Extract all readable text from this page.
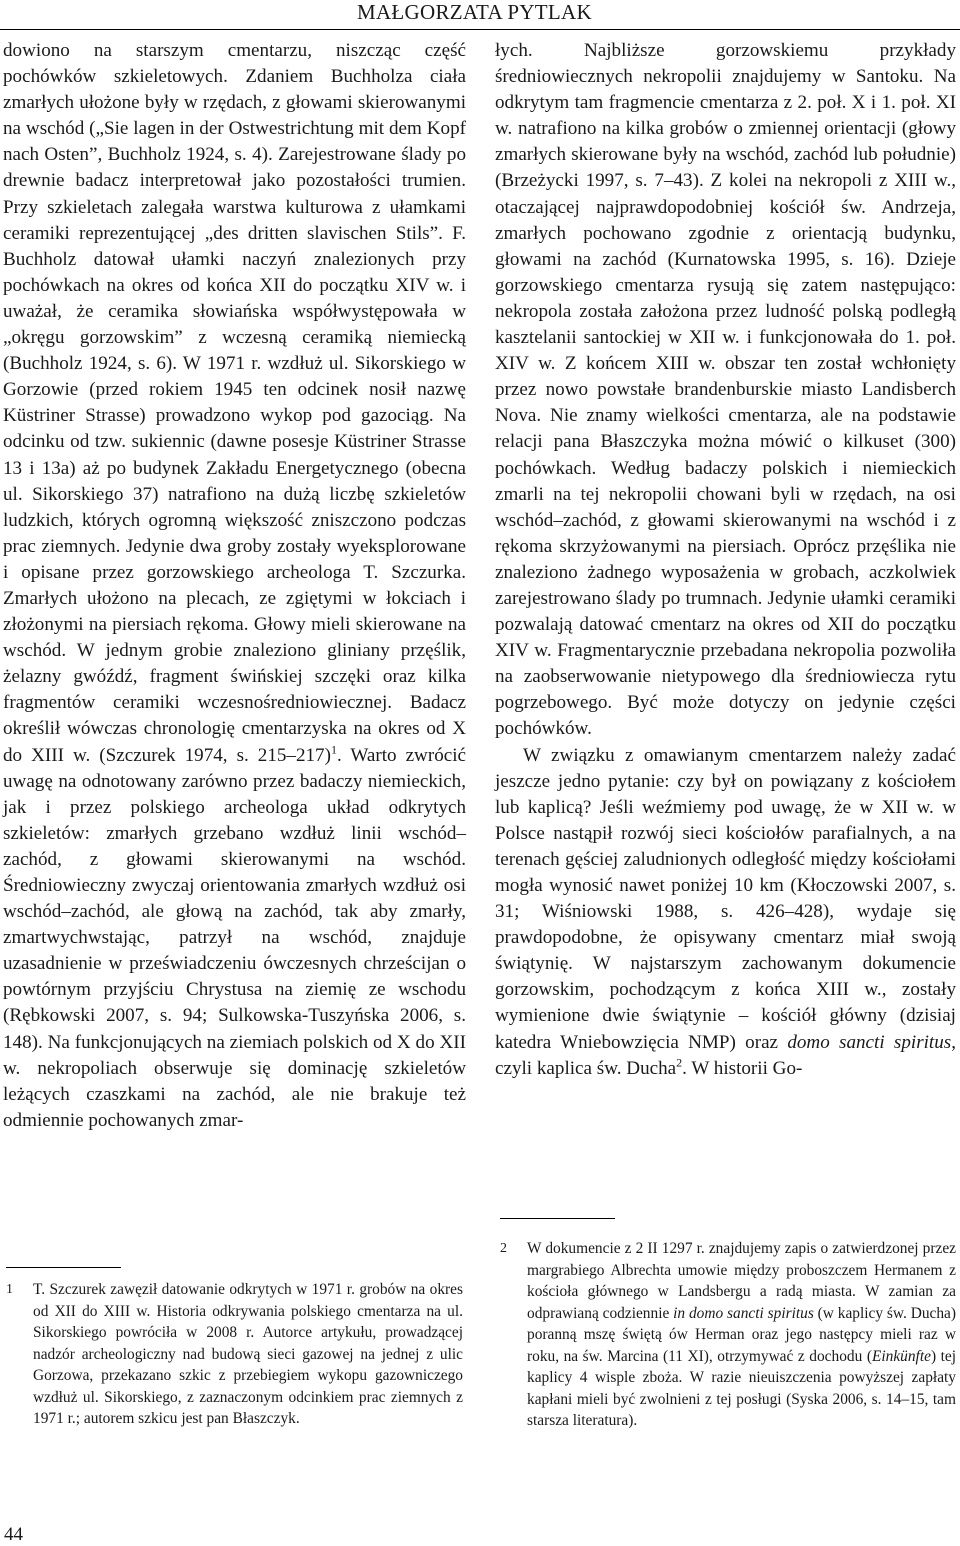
MAŁGORZATA PYTLAK

dowiono na starszym cmentarzu, niszcząc część pochówków szkieletowych. Zdaniem Buchholza ciała zmarłych ułożone były w rzędach, z głowami skierowanymi na wschód („Sie lagen in der Ostwestrichtung mit dem Kopf nach Osten”, Buchholz 1924, s. 4). Zarejestrowane ślady po drewnie badacz interpretował jako pozostałości trumien. Przy szkieletach zalegała warstwa kulturowa z ułamkami ceramiki reprezentującej „des dritten slavischen Stils”. F. Buchholz datował ułamki naczyń znalezionych przy pochówkach na okres od końca XII do początku XIV w. i uważał, że ceramika słowiańska współwystępowała w „okręgu gorzowskim” z wczesną ceramiką niemiecką (Buchholz 1924, s. 6). W 1971 r. wzdłuż ul. Sikorskiego w Gorzowie (przed rokiem 1945 ten odcinek nosił nazwę Küstriner Strasse) prowadzono wykop pod gazociąg. Na odcinku od tzw. sukiennic (dawne posesje Küstriner Strasse 13 i 13a) aż po budynek Zakładu Energetycznego (obecna ul. Sikorskiego 37) natrafiono na dużą liczbę szkieletów ludzkich, których ogromną większość zniszczono podczas prac ziemnych. Jedynie dwa groby zostały wyeksplorowane i opisane przez gorzowskiego archeologa T. Szczurka. Zmarłych ułożono na plecach, ze zgiętymi w łokciach i złożonymi na piersiach rękoma. Głowy mieli skierowane na wschód. W jednym grobie znaleziono gliniany przęślik, żelazny gwóźdź, fragment świńskiej szczęki oraz kilka fragmentów ceramiki wczesnośredniowiecznej. Badacz określił wówczas chronologię cmentarzyska na okres od X do XIII w. (Szczurek 1974, s. 215–217)$^1$. Warto zwrócić uwagę na odnotowany zarówno przez badaczy niemieckich, jak i przez polskiego archeologa układ odkrytych szkieletów: zmarłych grzebano wzdłuż linii wschód–zachód, z głowami skierowanymi na wschód. Średniowieczny zwyczaj orientowania zmarłych wzdłuż osi wschód–zachód, ale głową na zachód, tak aby zmarły, zmartwychwstając, patrzył na wschód, znajduje uzasadnienie w przeświadczeniu ówczesnych chrześcijan o powtórnym przyjściu Chrystusa na ziemię ze wschodu (Rębkowski 2007, s. 94; Sulkowska-Tuszyńska 2006, s. 148). Na funkcjonujących na ziemiach polskich od X do XII w. nekropoliach obserwuje się dominację szkieletów leżących czaszkami na zachód, ale nie brakuje też odmiennie pochowanych zmar-

łych. Najbliższe gorzowskiemu przykłady średniowiecznych nekropolii znajdujemy w Santoku. Na odkrytym tam fragmencie cmentarza z 2. poł. X i 1. poł. XI w. natrafiono na kilka grobów o zmiennej orientacji (głowy zmarłych skierowane były na wschód, zachód lub południe) (Brzeżycki 1997, s. 7–43). Z kolei na nekropoli z XIII w., otaczającej najprawdopodobniej kościół św. Andrzeja, zmarłych pochowano zgodnie z orientacją budynku, głowami na zachód (Kurnatowska 1995, s. 16). Dzieje gorzowskiego cmentarza rysują się zatem następująco: nekropola została założona przez ludność polską podległą kasztelanii santockiej w XII w. i funkcjonowała do 1. poł. XIV w. Z końcem XIII w. obszar ten został wchłonięty przez nowo powstałe brandenburskie miasto Landisberch Nova. Nie znamy wielkości cmentarza, ale na podstawie relacji pana Błaszczyka można mówić o kilkuset (300) pochówkach. Według badaczy polskich i niemieckich zmarli na tej nekropolii chowani byli w rzędach, na osi wschód–zachód, z głowami skierowanymi na wschód i z rękoma skrzyżowanymi na piersiach. Oprócz przęślika nie znaleziono żadnego wyposażenia w grobach, aczkolwiek zarejestrowano ślady po trumnach. Jedynie ułamki ceramiki pozwalają datować cmentarz na okres od XII do początku XIV w. Fragmentarycznie przebadana nekropolia pozwoliła na zaobserwowanie nietypowego dla średniowiecza rytu pogrzebowego. Być może dotyczy on jedynie części pochówków.

W związku z omawianym cmentarzem należy zadać jeszcze jedno pytanie: czy był on powiązany z kościołem lub kaplicą? Jeśli weźmiemy pod uwagę, że w XII w. w Polsce nastąpił rozwój sieci kościołów parafialnych, a na terenach gęściej zaludnionych odległość między kościołami mogła wynosić nawet poniżej 10 km (Kłoczowski 2007, s. 31; Wiśniowski 1988, s. 426–428), wydaje się prawdopodobne, że opisywany cmentarz miał swoją świątynię. W najstarszym zachowanym dokumencie gorzowskim, pochodzącym z końca XIII w., zostały wymienione dwie świątynie – kościół główny (dzisiaj katedra Wniebowzięcia NMP) oraz domo sancti spiritus, czyli kaplica św. Ducha$^2$. W historii Go-

1 T. Szczurek zawęził datowanie odkrytych w 1971 r. grobów na okres od XII do XIII w. Historia odkrywania polskiego cmentarza na ul. Sikorskiego powróciła w 2008 r. Autorce artykułu, prowadzącej nadzór archeologiczny nad budową sieci gazowej na jednej z ulic Gorzowa, przekazano szkic z przebiegiem wykopu gazowniczego wzdłuż ul. Sikorskiego, z zaznaczonym odcinkiem prac ziemnych z 1971 r.; autorem szkicu jest pan Błaszczyk.
2 W dokumencie z 2 II 1297 r. znajdujemy zapis o zatwierdzonej przez margrabiego Albrechta umowie między proboszczem Hermanem z kościoła głównego w Landsbergu a radą miasta. W zamian za odprawianą codziennie in domo sancti spiritus (w kaplicy św. Ducha) poranną mszę świętą ów Herman oraz jego następcy mieli raz w roku, na św. Marcina (11 XI), otrzymywać z dochodu (Einkünfte) tej kaplicy 4 wisple zboża. W razie nieuiszczenia powyższej zapłaty kapłani mieli być zwolnieni z tej posługi (Syska 2006, s. 14–15, tam starsza literatura).
44
